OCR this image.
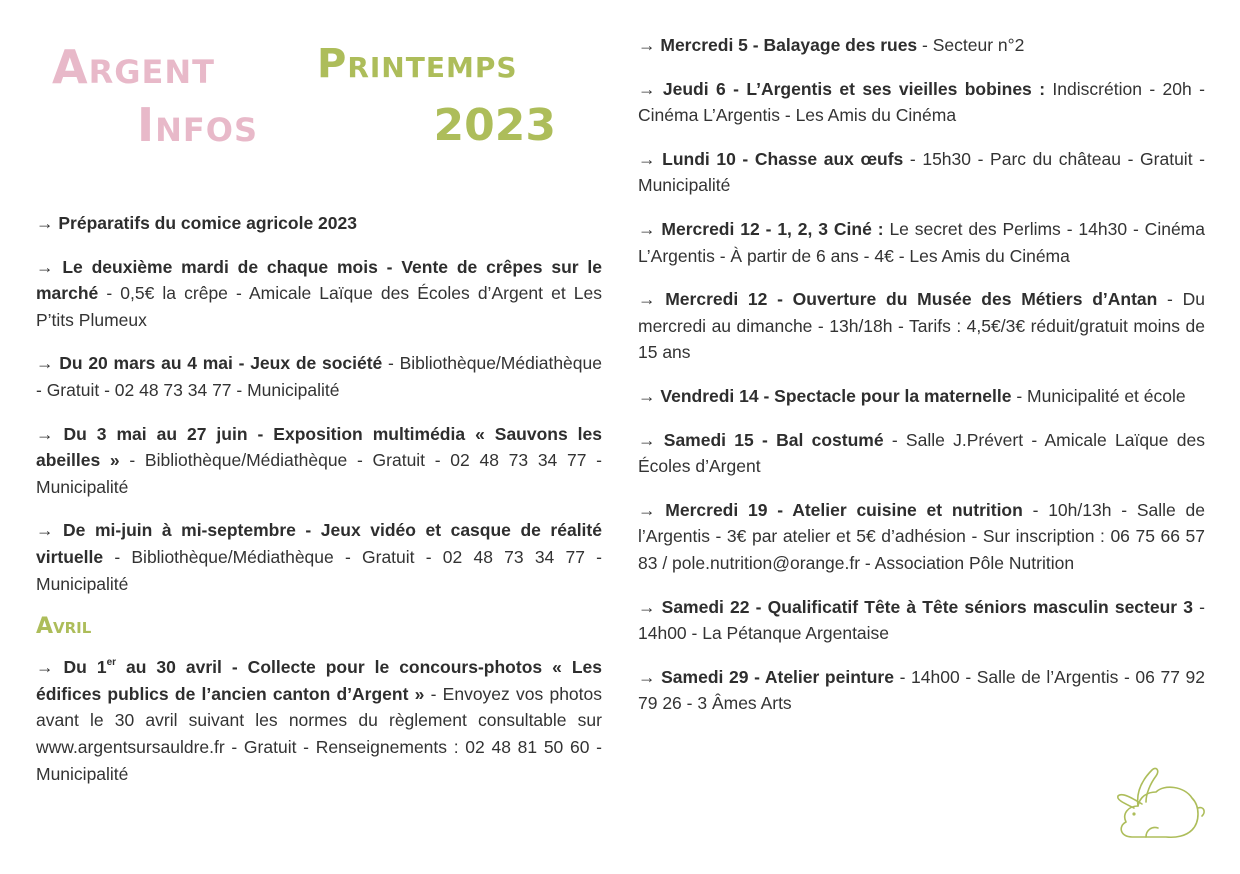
Argent
Infos
Printemps
2023

→ Préparatifs du comice agricole 2023

→ Le deuxième mardi de chaque mois - Vente de crêpes sur le marché - 0,5€ la crêpe - Amicale Laïque des Écoles d’Argent et Les P’tits Plumeux

→ Du 20 mars au 4 mai - Jeux de société - Bibliothèque/Médiathèque - Gratuit - 02 48 73 34 77 - Municipalité

→ Du 3 mai au 27 juin - Exposition multimédia « Sauvons les abeilles » - Bibliothèque/Médiathèque - Gratuit - 02 48 73 34 77 - Municipalité

→ De mi-juin à mi-septembre - Jeux vidéo et casque de réalité virtuelle - Bibliothèque/Médiathèque - Gratuit - 02 48 73 34 77 - Municipalité

Avril

→ Du 1er au 30 avril - Collecte pour le concours-photos « Les édifices publics de l’ancien canton d’Argent » - Envoyez vos photos avant le 30 avril suivant les normes du règlement consultable sur www.argentsursauldre.fr - Gratuit - Renseignements : 02 48 81 50 60 - Municipalité

→ Mercredi 5 - Balayage des rues - Secteur n°2

→ Jeudi 6 - L’Argentis et ses vieilles bobines : Indiscrétion - 20h - Cinéma L’Argentis - Les Amis du Cinéma

→ Lundi 10 - Chasse aux œufs - 15h30 - Parc du château - Gratuit - Municipalité

→ Mercredi 12 - 1, 2, 3 Ciné : Le secret des Perlims - 14h30 - Cinéma L’Argentis - À partir de 6 ans - 4€ - Les Amis du Cinéma

→ Mercredi 12 - Ouverture du Musée des Métiers d’Antan - Du mercredi au dimanche - 13h/18h - Tarifs : 4,5€/3€ réduit/gratuit moins de 15 ans

→ Vendredi 14 - Spectacle pour la maternelle - Municipalité et école

→ Samedi 15 - Bal costumé - Salle J.Prévert - Amicale Laïque des Écoles d’Argent

→ Mercredi 19 - Atelier cuisine et nutrition - 10h/13h - Salle de l’Argentis - 3€ par atelier et 5€ d’adhésion - Sur inscription : 06 75 66 57 83 / pole.nutrition@orange.fr - Association Pôle Nutrition

→ Samedi 22 - Qualificatif Tête à Tête séniors masculin secteur 3 - 14h00 - La Pétanque Argentaise

→ Samedi 29 - Atelier peinture - 14h00 - Salle de l’Argentis - 06 77 92 79 26 - 3 Âmes Arts
